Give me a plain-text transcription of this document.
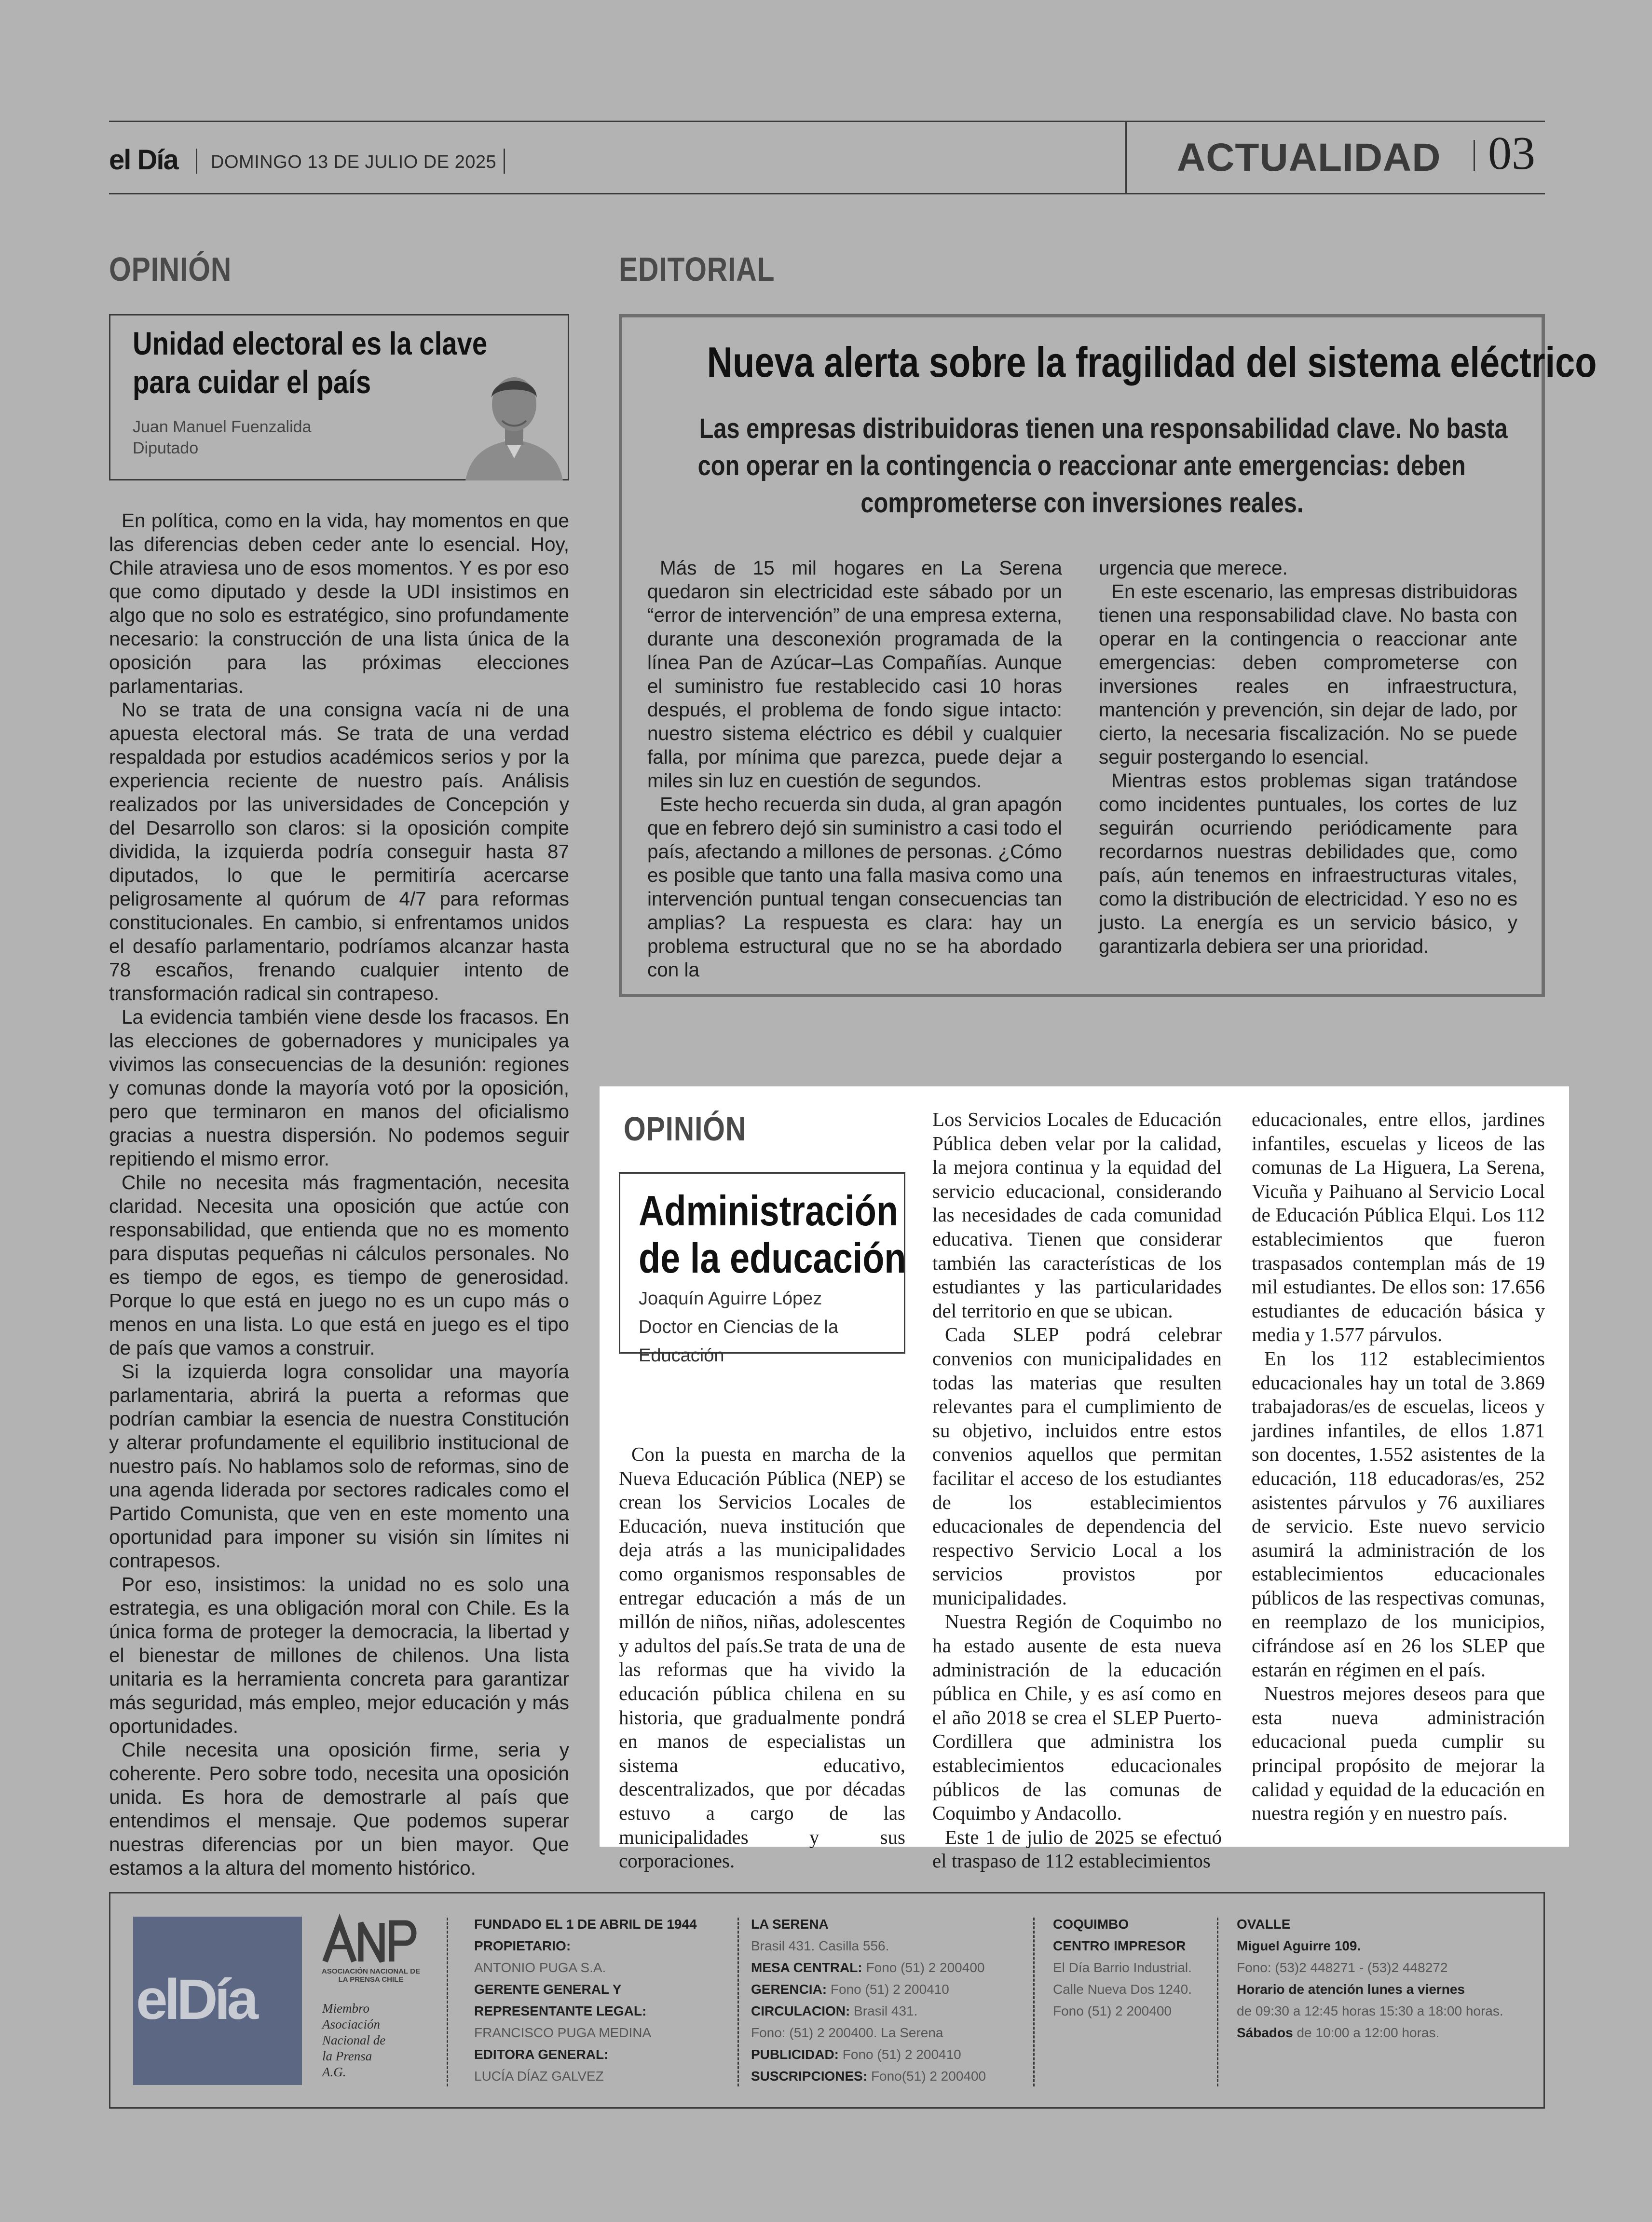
el Día DOMINGO 13 DE JULIO DE 2025	ACTUALIDAD 03
OPINIÓN
Unidad electoral es la clave
para cuidar el país
Juan Manuel Fuenzalida
Diputado

En política, como en la vida, hay momentos en que las diferencias deben ceder ante lo esencial. Hoy, Chile atraviesa uno de esos momentos. Y es por eso que como diputado y desde la UDI insistimos en algo que no solo es estratégico, sino profundamente necesario: la construcción de una lista única de la oposición para las próximas elecciones parlamentarias.

No se trata de una consigna vacía ni de una apuesta electoral más. Se trata de una verdad respaldada por estudios académicos serios y por la experiencia reciente de nuestro país. Análisis realizados por las universidades de Concepción y del Desarrollo son claros: si la oposición compite dividida, la izquierda podría conseguir hasta 87 diputados, lo que le permitiría acercarse peligrosamente al quórum de 4/7 para reformas constitucionales. En cambio, si enfrentamos unidos el desafío parlamentario, podríamos alcanzar hasta 78 escaños, frenando cualquier intento de transformación radical sin contrapeso.

La evidencia también viene desde los fracasos. En las elecciones de gobernadores y municipales ya vivimos las consecuencias de la desunión: regiones y comunas donde la mayoría votó por la oposición, pero que terminaron en manos del oficialismo gracias a nuestra dispersión. No podemos seguir repitiendo el mismo error.

Chile no necesita más fragmentación, necesita claridad. Necesita una oposición que actúe con responsabilidad, que entienda que no es momento para disputas pequeñas ni cálculos personales. No es tiempo de egos, es tiempo de generosidad. Porque lo que está en juego no es un cupo más o menos en una lista. Lo que está en juego es el tipo de país que vamos a construir.

Si la izquierda logra consolidar una mayoría parlamentaria, abrirá la puerta a reformas que podrían cambiar la esencia de nuestra Constitución y alterar profundamente el equilibrio institucional de nuestro país. No hablamos solo de reformas, sino de una agenda liderada por sectores radicales como el Partido Comunista, que ven en este momento una oportunidad para imponer su visión sin límites ni contrapesos.

Por eso, insistimos: la unidad no es solo una estrategia, es una obligación moral con Chile. Es la única forma de proteger la democracia, la libertad y el bienestar de millones de chilenos. Una lista unitaria es la herramienta concreta para garantizar más seguridad, más empleo, mejor educación y más oportunidades.

Chile necesita una oposición firme, seria y coherente. Pero sobre todo, necesita una oposición unida. Es hora de demostrarle al país que entendimos el mensaje. Que podemos superar nuestras diferencias por un bien mayor. Que estamos a la altura del momento histórico.

EDITORIAL
Nueva alerta sobre la fragilidad del sistema eléctrico
Las empresas distribuidoras tienen una responsabilidad clave. No basta
con operar en la contingencia o reaccionar ante emergencias: deben
comprometerse con inversiones reales.

Más de 15 mil hogares en La Serena quedaron sin electricidad este sábado por un “error de intervención” de una empresa externa, durante una desconexión programada de la línea Pan de Azúcar–Las Compañías. Aunque el suministro fue restablecido casi 10 horas después, el problema de fondo sigue intacto: nuestro sistema eléctrico es débil y cualquier falla, por mínima que parezca, puede dejar a miles sin luz en cuestión de segundos.

Este hecho recuerda sin duda, al gran apagón que en febrero dejó sin suministro a casi todo el país, afectando a millones de personas. ¿Cómo es posible que tanto una falla masiva como una intervención puntual tengan consecuencias tan amplias? La respuesta es clara: hay un problema estructural que no se ha abordado con la

urgencia que merece.

En este escenario, las empresas distribuidoras tienen una responsabilidad clave. No basta con operar en la contingencia o reaccionar ante emergencias: deben comprometerse con inversiones reales en infraestructura, mantención y prevención, sin dejar de lado, por cierto, la necesaria fiscalización. No se puede seguir postergando lo esencial.

Mientras estos problemas sigan tratándose como incidentes puntuales, los cortes de luz seguirán ocurriendo periódicamente para recordarnos nuestras debilidades que, como país, aún tenemos en infraestructuras vitales, como la distribución de electricidad. Y eso no es justo. La energía es un servicio básico, y garantizarla debiera ser una prioridad.

OPINIÓN
Administración
de la educación
Joaquín Aguirre López
Doctor en Ciencias de la
Educación

Con la puesta en marcha de la Nueva Educación Pública (NEP) se crean los Servicios Locales de Educación, nueva institución que deja atrás a las municipalidades como organismos responsables de entregar educación a más de un millón de niños, niñas, adolescentes y adultos del país.Se trata de una de las reformas que ha vivido la educación pública chilena en su historia, que gradualmente pondrá en manos de especialistas un sistema educativo, descentralizados, que por décadas estuvo a cargo de las municipalidades y sus corporaciones.

Los Servicios Locales de Educación Pública deben velar por la calidad, la mejora continua y la equidad del servicio educacional, considerando las necesidades de cada comunidad educativa. Tienen que considerar también las características de los estudiantes y las particularidades del territorio en que se ubican.

Cada SLEP podrá celebrar convenios con municipalidades en todas las materias que resulten relevantes para el cumplimiento de su objetivo, incluidos entre estos convenios aquellos que permitan facilitar el acceso de los estudiantes de los establecimientos educacionales de dependencia del respectivo Servicio Local a los servicios provistos por municipalidades.

Nuestra Región de Coquimbo no ha estado ausente de esta nueva administración de la educación pública en Chile, y es así como en el año 2018 se crea el SLEP Puerto-Cordillera que administra los establecimientos educacionales públicos de las comunas de Coquimbo y Andacollo.

Este 1 de julio de 2025 se efectuó el traspaso de 112 establecimientos

educacionales, entre ellos, jardines infantiles, escuelas y liceos de las comunas de La Higuera, La Serena, Vicuña y Paihuano al Servicio Local de Educación Pública Elqui. Los 112 establecimientos que fueron traspasados contemplan más de 19 mil estudiantes. De ellos son: 17.656 estudiantes de educación básica y media y 1.577 párvulos.

En los 112 establecimientos educacionales hay un total de 3.869 trabajadoras/es de escuelas, liceos y jardines infantiles, de ellos 1.871 son docentes, 1.552 asistentes de la educación, 118 educadoras/es, 252 asistentes párvulos y 76 auxiliares de servicio. Este nuevo servicio asumirá la administración de los establecimientos educacionales públicos de las respectivas comunas, en reemplazo de los municipios, cifrándose así en 26 los SLEP que estarán en régimen en el país.

Nuestros mejores deseos para que esta nueva administración educacional pueda cumplir su principal propósito de mejorar la calidad y equidad de la educación en nuestra región y en nuestro país.

elDía	ASOCIACIÓN NACIONAL DE LA PRENSA CHILE
Miembro
Asociación
Nacional de
la Prensa
A.G.
FUNDADO EL 1 DE ABRIL DE 1944
PROPIETARIO:
ANTONIO PUGA S.A.
GERENTE GENERAL Y
REPRESENTANTE LEGAL:
FRANCISCO PUGA MEDINA
EDITORA GENERAL:
LUCÍA DÍAZ GALVEZ
LA SERENA
Brasil 431. Casilla 556.
MESA CENTRAL: Fono (51) 2 200400
GERENCIA: Fono (51) 2 200410
CIRCULACION: Brasil 431.
Fono: (51) 2 200400. La Serena
PUBLICIDAD: Fono (51) 2 200410
SUSCRIPCIONES: Fono(51) 2 200400
COQUIMBO
CENTRO IMPRESOR
El Día Barrio Industrial.
Calle Nueva Dos 1240.
Fono (51) 2 200400
OVALLE
Miguel Aguirre 109.
Fono: (53)2 448271 - (53)2 448272
Horario de atención lunes a viernes
de 09:30 a 12:45 horas 15:30 a 18:00 horas.
Sábados de 10:00 a 12:00 horas.
